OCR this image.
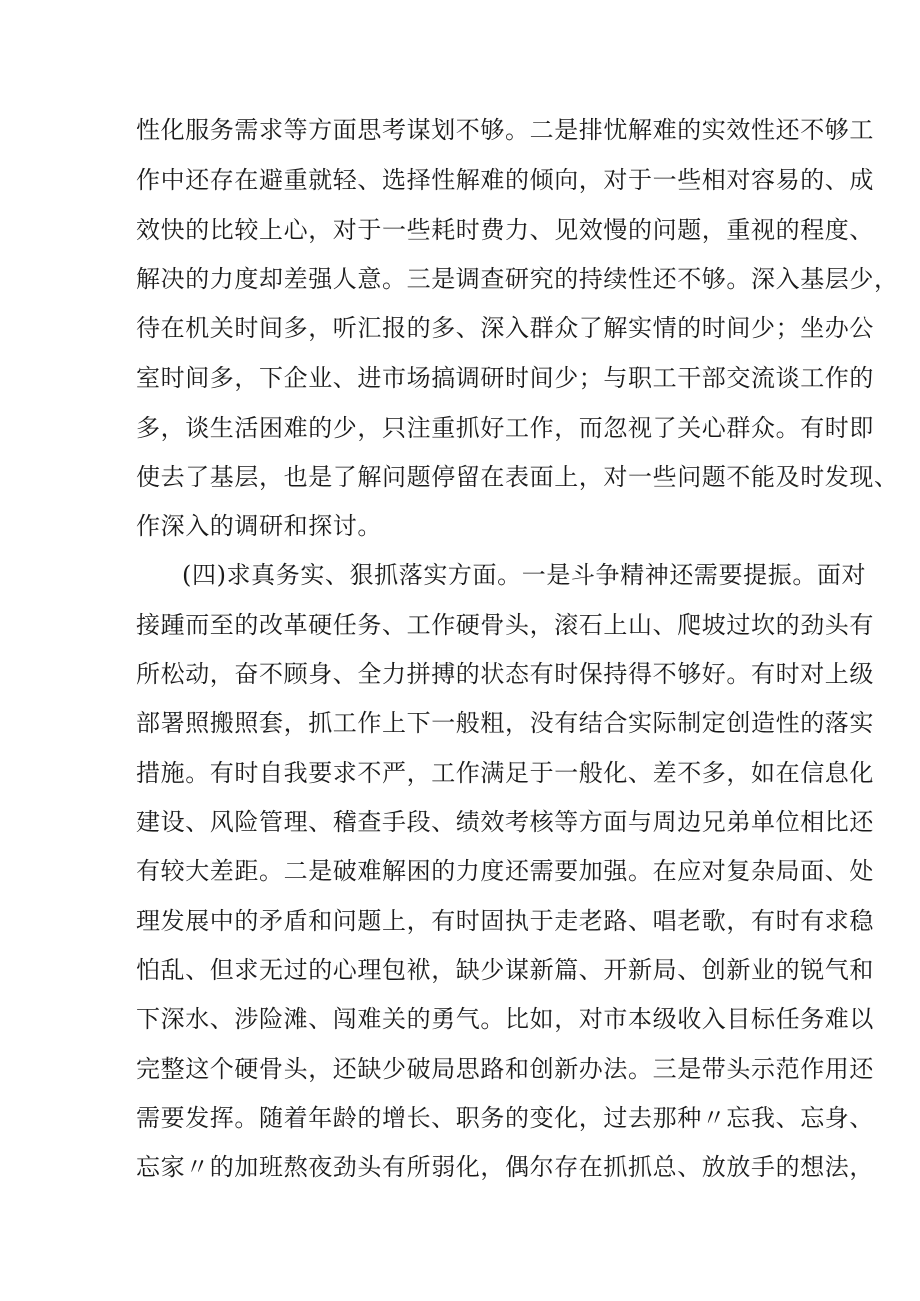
性化服务需求等方面思考谋划不够。二是排忧解难的实效性还不够工
作中还存在避重就轻、选择性解难的倾向，对于一些相对容易的、成
效快的比较上心，对于一些耗时费力、见效慢的问题，重视的程度、
解决的力度却差强人意。三是调查研究的持续性还不够。深入基层少，
待在机关时间多，听汇报的多、深入群众了解实情的时间少；坐办公
室时间多，下企业、进市场搞调研时间少；与职工干部交流谈工作的
多，谈生活困难的少，只注重抓好工作，而忽视了关心群众。有时即
使去了基层，也是了解问题停留在表面上，对一些问题不能及时发现、
作深入的调研和探讨。
(四)求真务实、狠抓落实方面。一是斗争精神还需要提振。面对
接踵而至的改革硬任务、工作硬骨头，滚石上山、爬坡过坎的劲头有
所松动，奋不顾身、全力拼搏的状态有时保持得不够好。有时对上级
部署照搬照套，抓工作上下一般粗，没有结合实际制定创造性的落实
措施。有时自我要求不严，工作满足于一般化、差不多，如在信息化
建设、风险管理、稽查手段、绩效考核等方面与周边兄弟单位相比还
有较大差距。二是破难解困的力度还需要加强。在应对复杂局面、处
理发展中的矛盾和问题上，有时固执于走老路、唱老歌，有时有求稳
怕乱、但求无过的心理包袱，缺少谋新篇、开新局、创新业的锐气和
下深水、涉险滩、闯难关的勇气。比如，对市本级收入目标任务难以
完整这个硬骨头，还缺少破局思路和创新办法。三是带头示范作用还
需要发挥。随着年龄的增长、职务的变化，过去那种〃忘我、忘身、
忘家〃的加班熬夜劲头有所弱化，偶尔存在抓抓总、放放手的想法，
